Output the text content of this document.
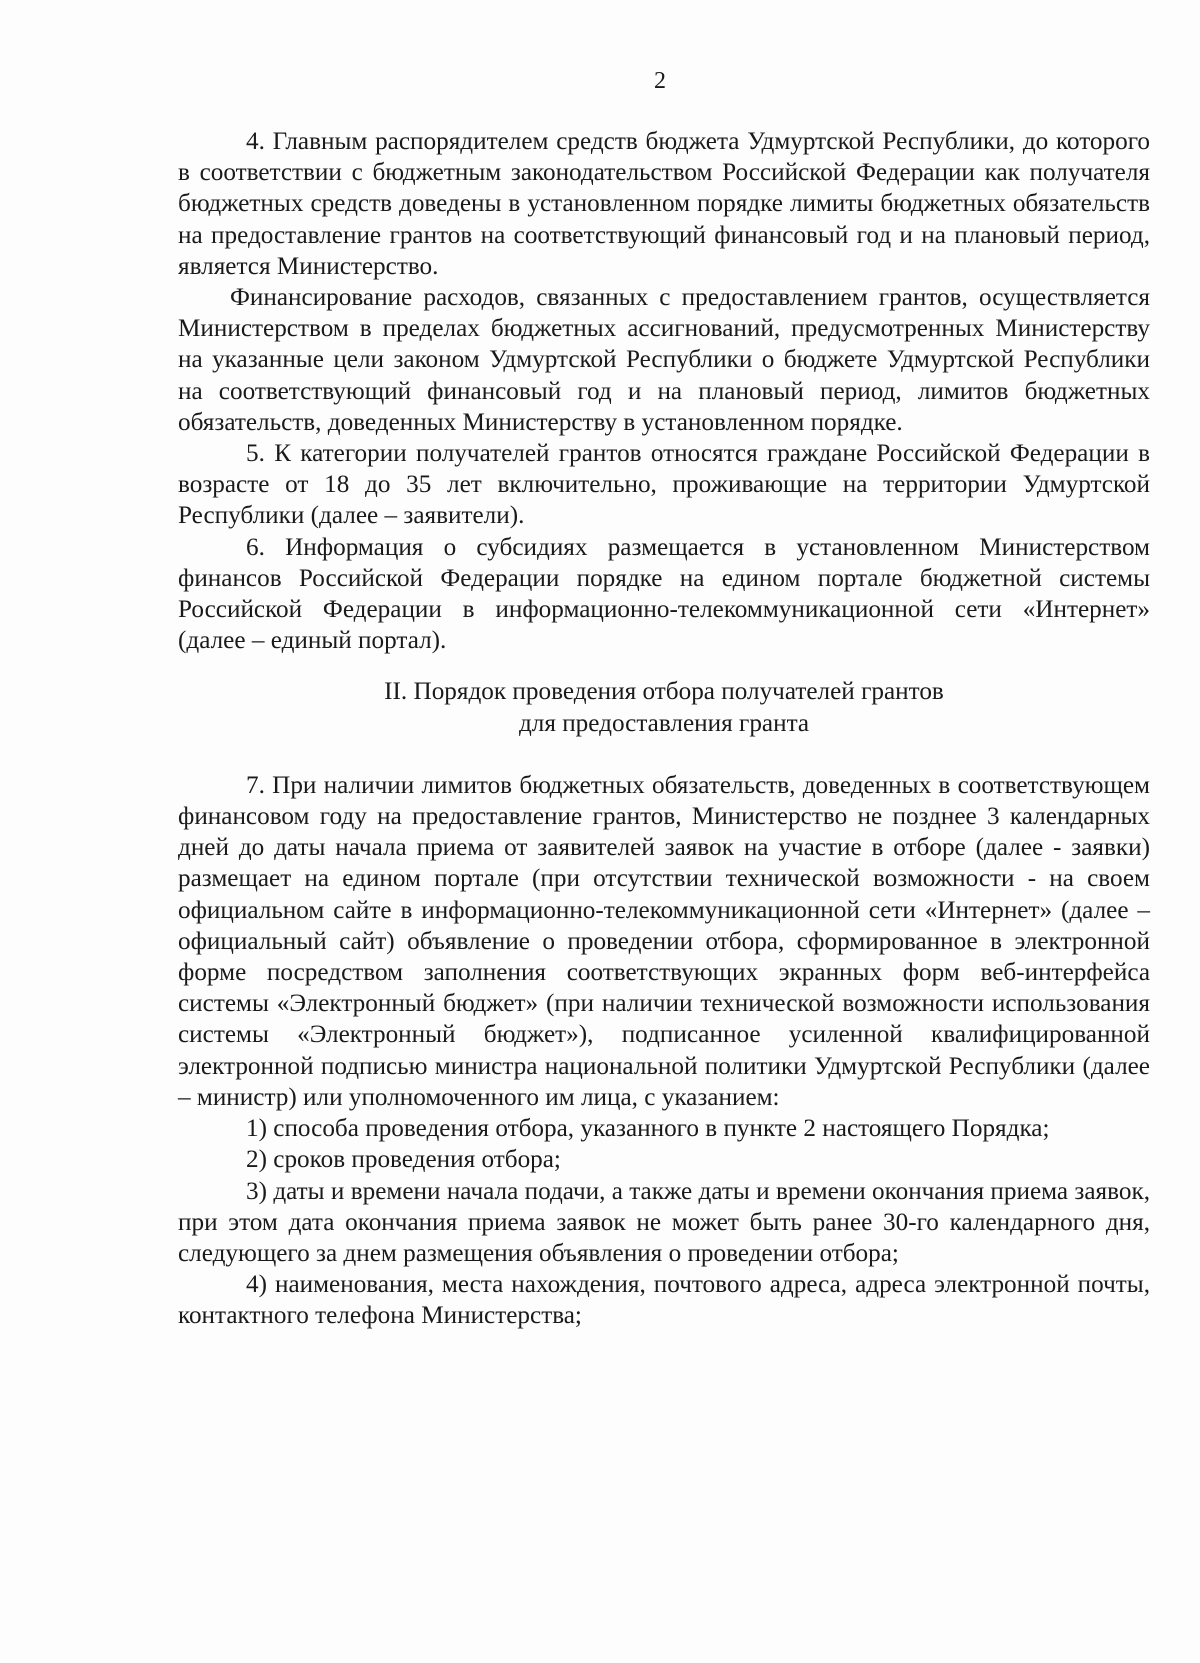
2

4. Главным распорядителем средств бюджета Удмуртской Республики, до которого в соответствии с бюджетным законодательством Российской Федерации как получателя бюджетных средств доведены в установленном порядке лимиты бюджетных обязательств на предоставление грантов на соответствующий финансовый год и на плановый период, является Министерство.

Финансирование расходов, связанных с предоставлением грантов, осуществляется Министерством в пределах бюджетных ассигнований, предусмотренных Министерству на указанные цели законом Удмуртской Республики о бюджете Удмуртской Республики на соответствующий финансовый год и на плановый период, лимитов бюджетных обязательств, доведенных Министерству в установленном порядке.

5. К категории получателей грантов относятся граждане Российской Федерации в возрасте от 18 до 35 лет включительно, проживающие на территории Удмуртской Республики (далее – заявители).

6. Информация о субсидиях размещается в установленном Министерством финансов Российской Федерации порядке на едином портале бюджетной системы Российской Федерации в информационно-телекоммуникационной сети «Интернет» (далее – единый портал).

II. Порядок проведения отбора получателей грантов
для предоставления гранта

7. При наличии лимитов бюджетных обязательств, доведенных в соответствующем финансовом году на предоставление грантов, Министерство не позднее 3 календарных дней до даты начала приема от заявителей заявок на участие в отборе (далее - заявки) размещает на едином портале (при отсутствии технической возможности - на своем официальном сайте в информационно-телекоммуникационной сети «Интернет» (далее – официальный сайт) объявление о проведении отбора, сформированное в электронной форме посредством заполнения соответствующих экранных форм веб-интерфейса системы «Электронный бюджет» (при наличии технической возможности использования системы «Электронный бюджет»), подписанное усиленной квалифицированной электронной подписью министра национальной политики Удмуртской Республики (далее – министр) или уполномоченного им лица, с указанием:

1) способа проведения отбора, указанного в пункте 2 настоящего Порядка;

2) сроков проведения отбора;

3) даты и времени начала подачи, а также даты и времени окончания приема заявок, при этом дата окончания приема заявок не может быть ранее 30-го календарного дня, следующего за днем размещения объявления о проведении отбора;

4) наименования, места нахождения, почтового адреса, адреса электронной почты, контактного телефона Министерства;
